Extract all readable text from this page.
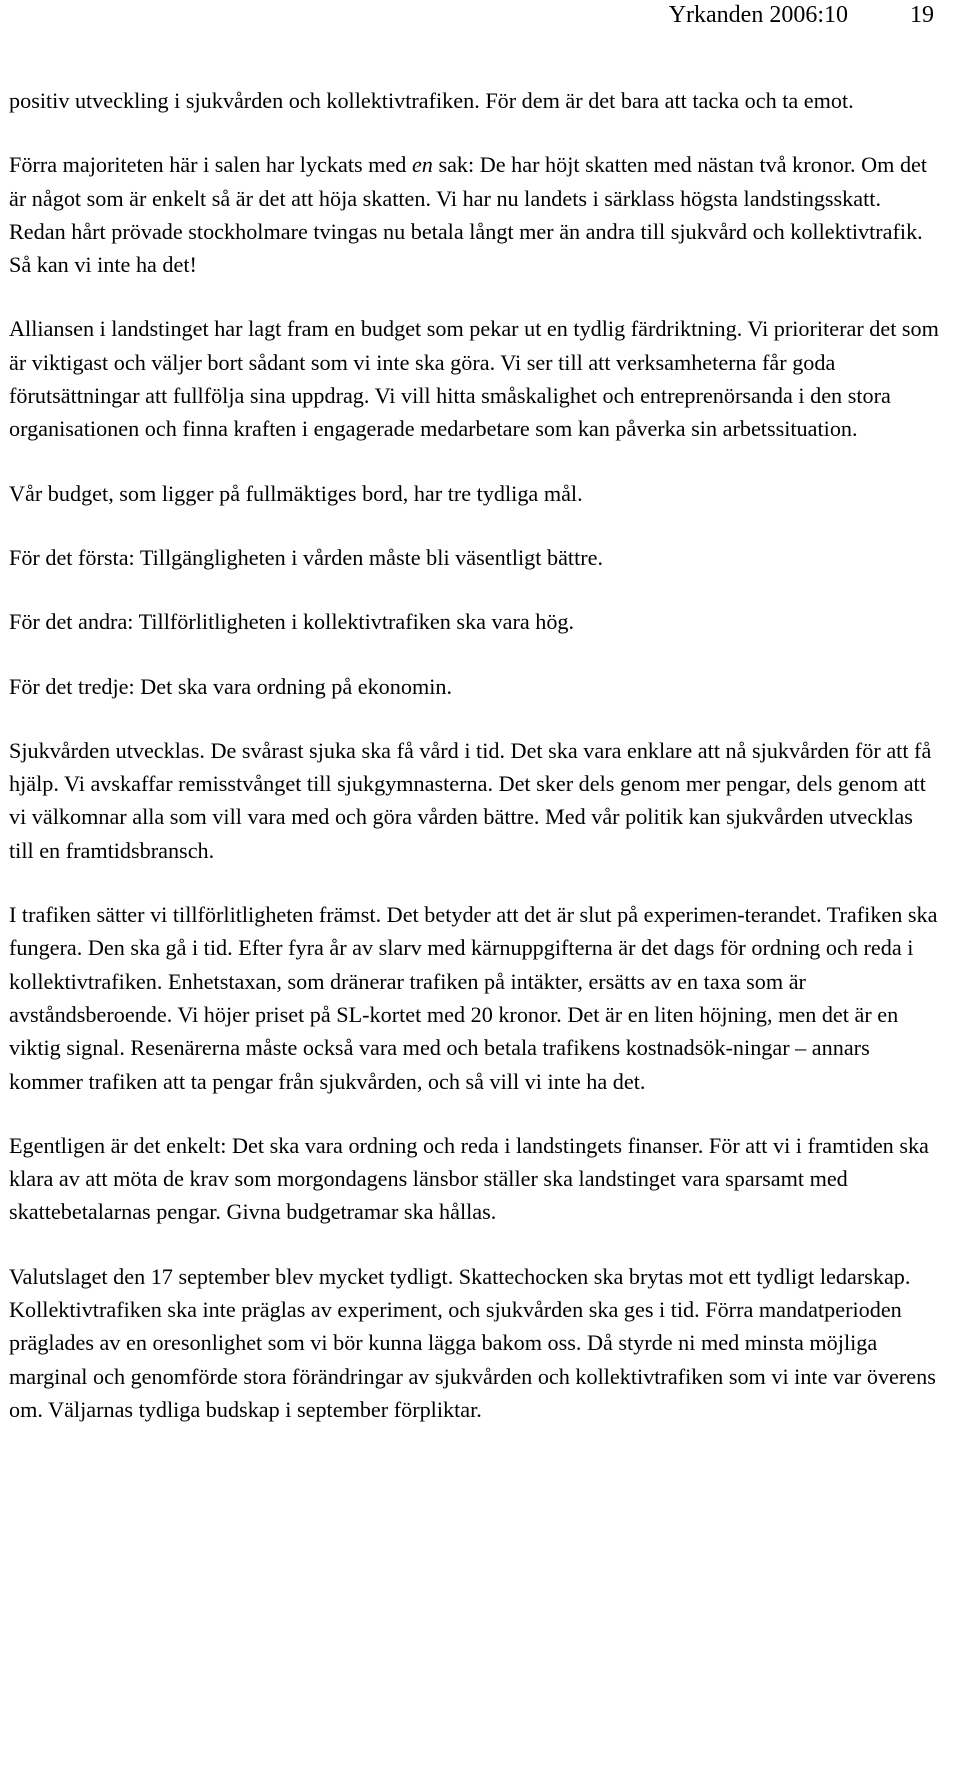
Yrkanden 2006:10	19

positiv utveckling i sjukvården och kollektivtrafiken. För dem är det bara att tacka och ta emot.

Förra majoriteten här i salen har lyckats med en sak: De har höjt skatten med nästan två kronor. Om det är något som är enkelt så är det att höja skatten. Vi har nu landets i särklass högsta landstingsskatt. Redan hårt prövade stockholmare tvingas nu betala långt mer än andra till sjukvård och kollektivtrafik. Så kan vi inte ha det!

Alliansen i landstinget har lagt fram en budget som pekar ut en tydlig färdriktning. Vi prioriterar det som är viktigast och väljer bort sådant som vi inte ska göra. Vi ser till att verksamheterna får goda förutsättningar att fullfölja sina uppdrag. Vi vill hitta småskalighet och entreprenörsanda i den stora organisationen och finna kraften i engagerade medarbetare som kan påverka sin arbetssituation.

Vår budget, som ligger på fullmäktiges bord, har tre tydliga mål.

För det första: Tillgängligheten i vården måste bli väsentligt bättre.

För det andra: Tillförlitligheten i kollektivtrafiken ska vara hög.

För det tredje: Det ska vara ordning på ekonomin.

Sjukvården utvecklas. De svårast sjuka ska få vård i tid. Det ska vara enklare att nå sjukvården för att få hjälp. Vi avskaffar remisstvånget till sjukgymnasterna. Det sker dels genom mer pengar, dels genom att vi välkomnar alla som vill vara med och göra vården bättre. Med vår politik kan sjukvården utvecklas till en framtidsbransch.

I trafiken sätter vi tillförlitligheten främst. Det betyder att det är slut på experimen-terandet. Trafiken ska fungera. Den ska gå i tid. Efter fyra år av slarv med kärnuppgifterna är det dags för ordning och reda i kollektivtrafiken. Enhetstaxan, som dränerar trafiken på intäkter, ersätts av en taxa som är avståndsberoende. Vi höjer priset på SL-kortet med 20 kronor. Det är en liten höjning, men det är en viktig signal. Resenärerna måste också vara med och betala trafikens kostnadsök-ningar – annars kommer trafiken att ta pengar från sjukvården, och så vill vi inte ha det.

Egentligen är det enkelt: Det ska vara ordning och reda i landstingets finanser. För att vi i framtiden ska klara av att möta de krav som morgondagens länsbor ställer ska landstinget vara sparsamt med skattebetalarnas pengar. Givna budgetramar ska hållas.

Valutslaget den 17 september blev mycket tydligt. Skattechocken ska brytas mot ett tydligt ledarskap. Kollektivtrafiken ska inte präglas av experiment, och sjukvården ska ges i tid. Förra mandatperioden präglades av en oresonlighet som vi bör kunna lägga bakom oss. Då styrde ni med minsta möjliga marginal och genomförde stora förändringar av sjukvården och kollektivtrafiken som vi inte var överens om. Väljarnas tydliga budskap i september förpliktar.
